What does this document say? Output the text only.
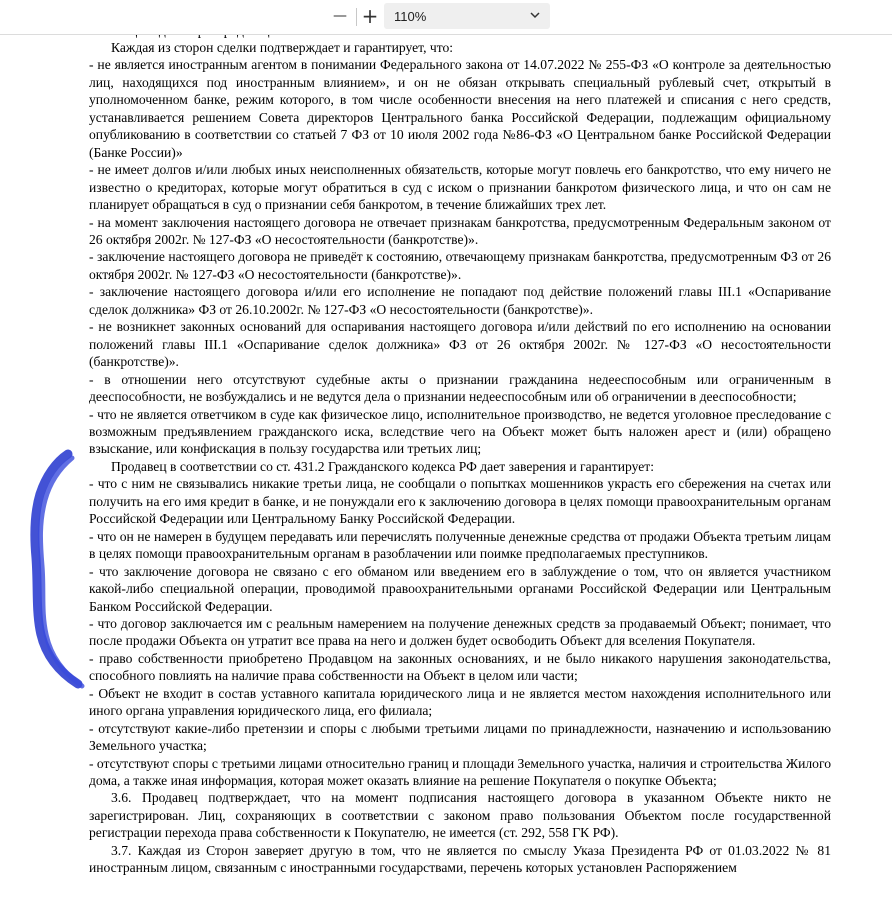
— + 110%
Каждая из сторон сделки подтверждает и гарантирует, что:
- не является иностранным агентом в понимании Федерального закона от 14.07.2022 № 255-ФЗ «О контроле за деятельностью лиц, находящихся под иностранным влиянием», и он не обязан открывать специальный рублевый счет, открытый в уполномоченном банке, режим которого, в том числе особенности внесения на него платежей и списания с него средств, устанавливается решением Совета директоров Центрального банка Российской Федерации, подлежащим официальному опубликованию в соответствии со статьей 7 ФЗ от 10 июля 2002 года №86-ФЗ «О Центральном банке Российской Федерации (Банке России)»
- не имеет долгов и/или любых иных неисполненных обязательств, которые могут повлечь его банкротство, что ему ничего не известно о кредиторах, которые могут обратиться в суд с иском о признании банкротом физического лица, и что он сам не планирует обращаться в суд о признании себя банкротом, в течение ближайших трех лет.
- на момент заключения настоящего договора не отвечает признакам банкротства, предусмотренным Федеральным законом от 26 октября 2002г. № 127-ФЗ «О несостоятельности (банкротстве)».
- заключение настоящего договора не приведёт к состоянию, отвечающему признакам банкротства, предусмотренным ФЗ от 26 октября 2002г. № 127-ФЗ «О несостоятельности (банкротстве)».
- заключение настоящего договора и/или его исполнение не попадают под действие положений главы III.1 «Оспаривание сделок должника» ФЗ от 26.10.2002г. № 127-ФЗ «О несостоятельности (банкротстве)».
- не возникнет законных оснований для оспаривания настоящего договора и/или действий по его исполнению на основании положений главы III.1 «Оспаривание сделок должника» ФЗ от 26 октября 2002г. № 127-ФЗ «О несостоятельности (банкротстве)».
- в отношении него отсутствуют судебные акты о признании гражданина недееспособным или ограниченным в дееспособности, не возбуждались и не ведутся дела о признании недееспособным или об ограничении в дееспособности;
- что не является ответчиком в суде как физическое лицо, исполнительное производство, не ведется уголовное преследование с возможным предъявлением гражданского иска, вследствие чего на Объект может быть наложен арест и (или) обращено взыскание, или конфискация в пользу государства или третьих лиц;
Продавец в соответствии со ст. 431.2 Гражданского кодекса РФ дает заверения и гарантирует:
- что с ним не связывались никакие третьи лица, не сообщали о попытках мошенников украсть его сбережения на счетах или получить на его имя кредит в банке, и не понуждали его к заключению договора в целях помощи правоохранительным органам Российской Федерации или Центральному Банку Российской Федерации.
- что он не намерен в будущем передавать или перечислять полученные денежные средства от продажи Объекта третьим лицам в целях помощи правоохранительным органам в разоблачении или поимке предполагаемых преступников.
- что заключение договора не связано с его обманом или введением его в заблуждение о том, что он является участником какой-либо специальной операции, проводимой правоохранительными органами Российской Федерации или Центральным Банком Российской Федерации.
- что договор заключается им с реальным намерением на получение денежных средств за продаваемый Объект; понимает, что после продажи Объекта он утратит все права на него и должен будет освободить Объект для вселения Покупателя.
- право собственности приобретено Продавцом на законных основаниях, и не было никакого нарушения законодательства, способного повлиять на наличие права собственности на Объект в целом или части;
- Объект не входит в состав уставного капитала юридического лица и не является местом нахождения исполнительного или иного органа управления юридического лица, его филиала;
- отсутствуют какие-либо претензии и споры с любыми третьими лицами по принадлежности, назначению и использованию Земельного участка;
- отсутствуют споры с третьими лицами относительно границ и площади Земельного участка, наличия и строительства Жилого дома, а также иная информация, которая может оказать влияние на решение Покупателя о покупке Объекта;
3.6. Продавец подтверждает, что на момент подписания настоящего договора в указанном Объекте никто не зарегистрирован. Лиц, сохраняющих в соответствии с законом право пользования Объектом после государственной регистрации перехода права собственности к Покупателю, не имеется (ст. 292, 558 ГК РФ).
3.7. Каждая из Сторон заверяет другую в том, что не является по смыслу Указа Президента РФ от 01.03.2022 № 81 иностранным лицом, связанным с иностранными государствами, перечень которых установлен Распоряжением
